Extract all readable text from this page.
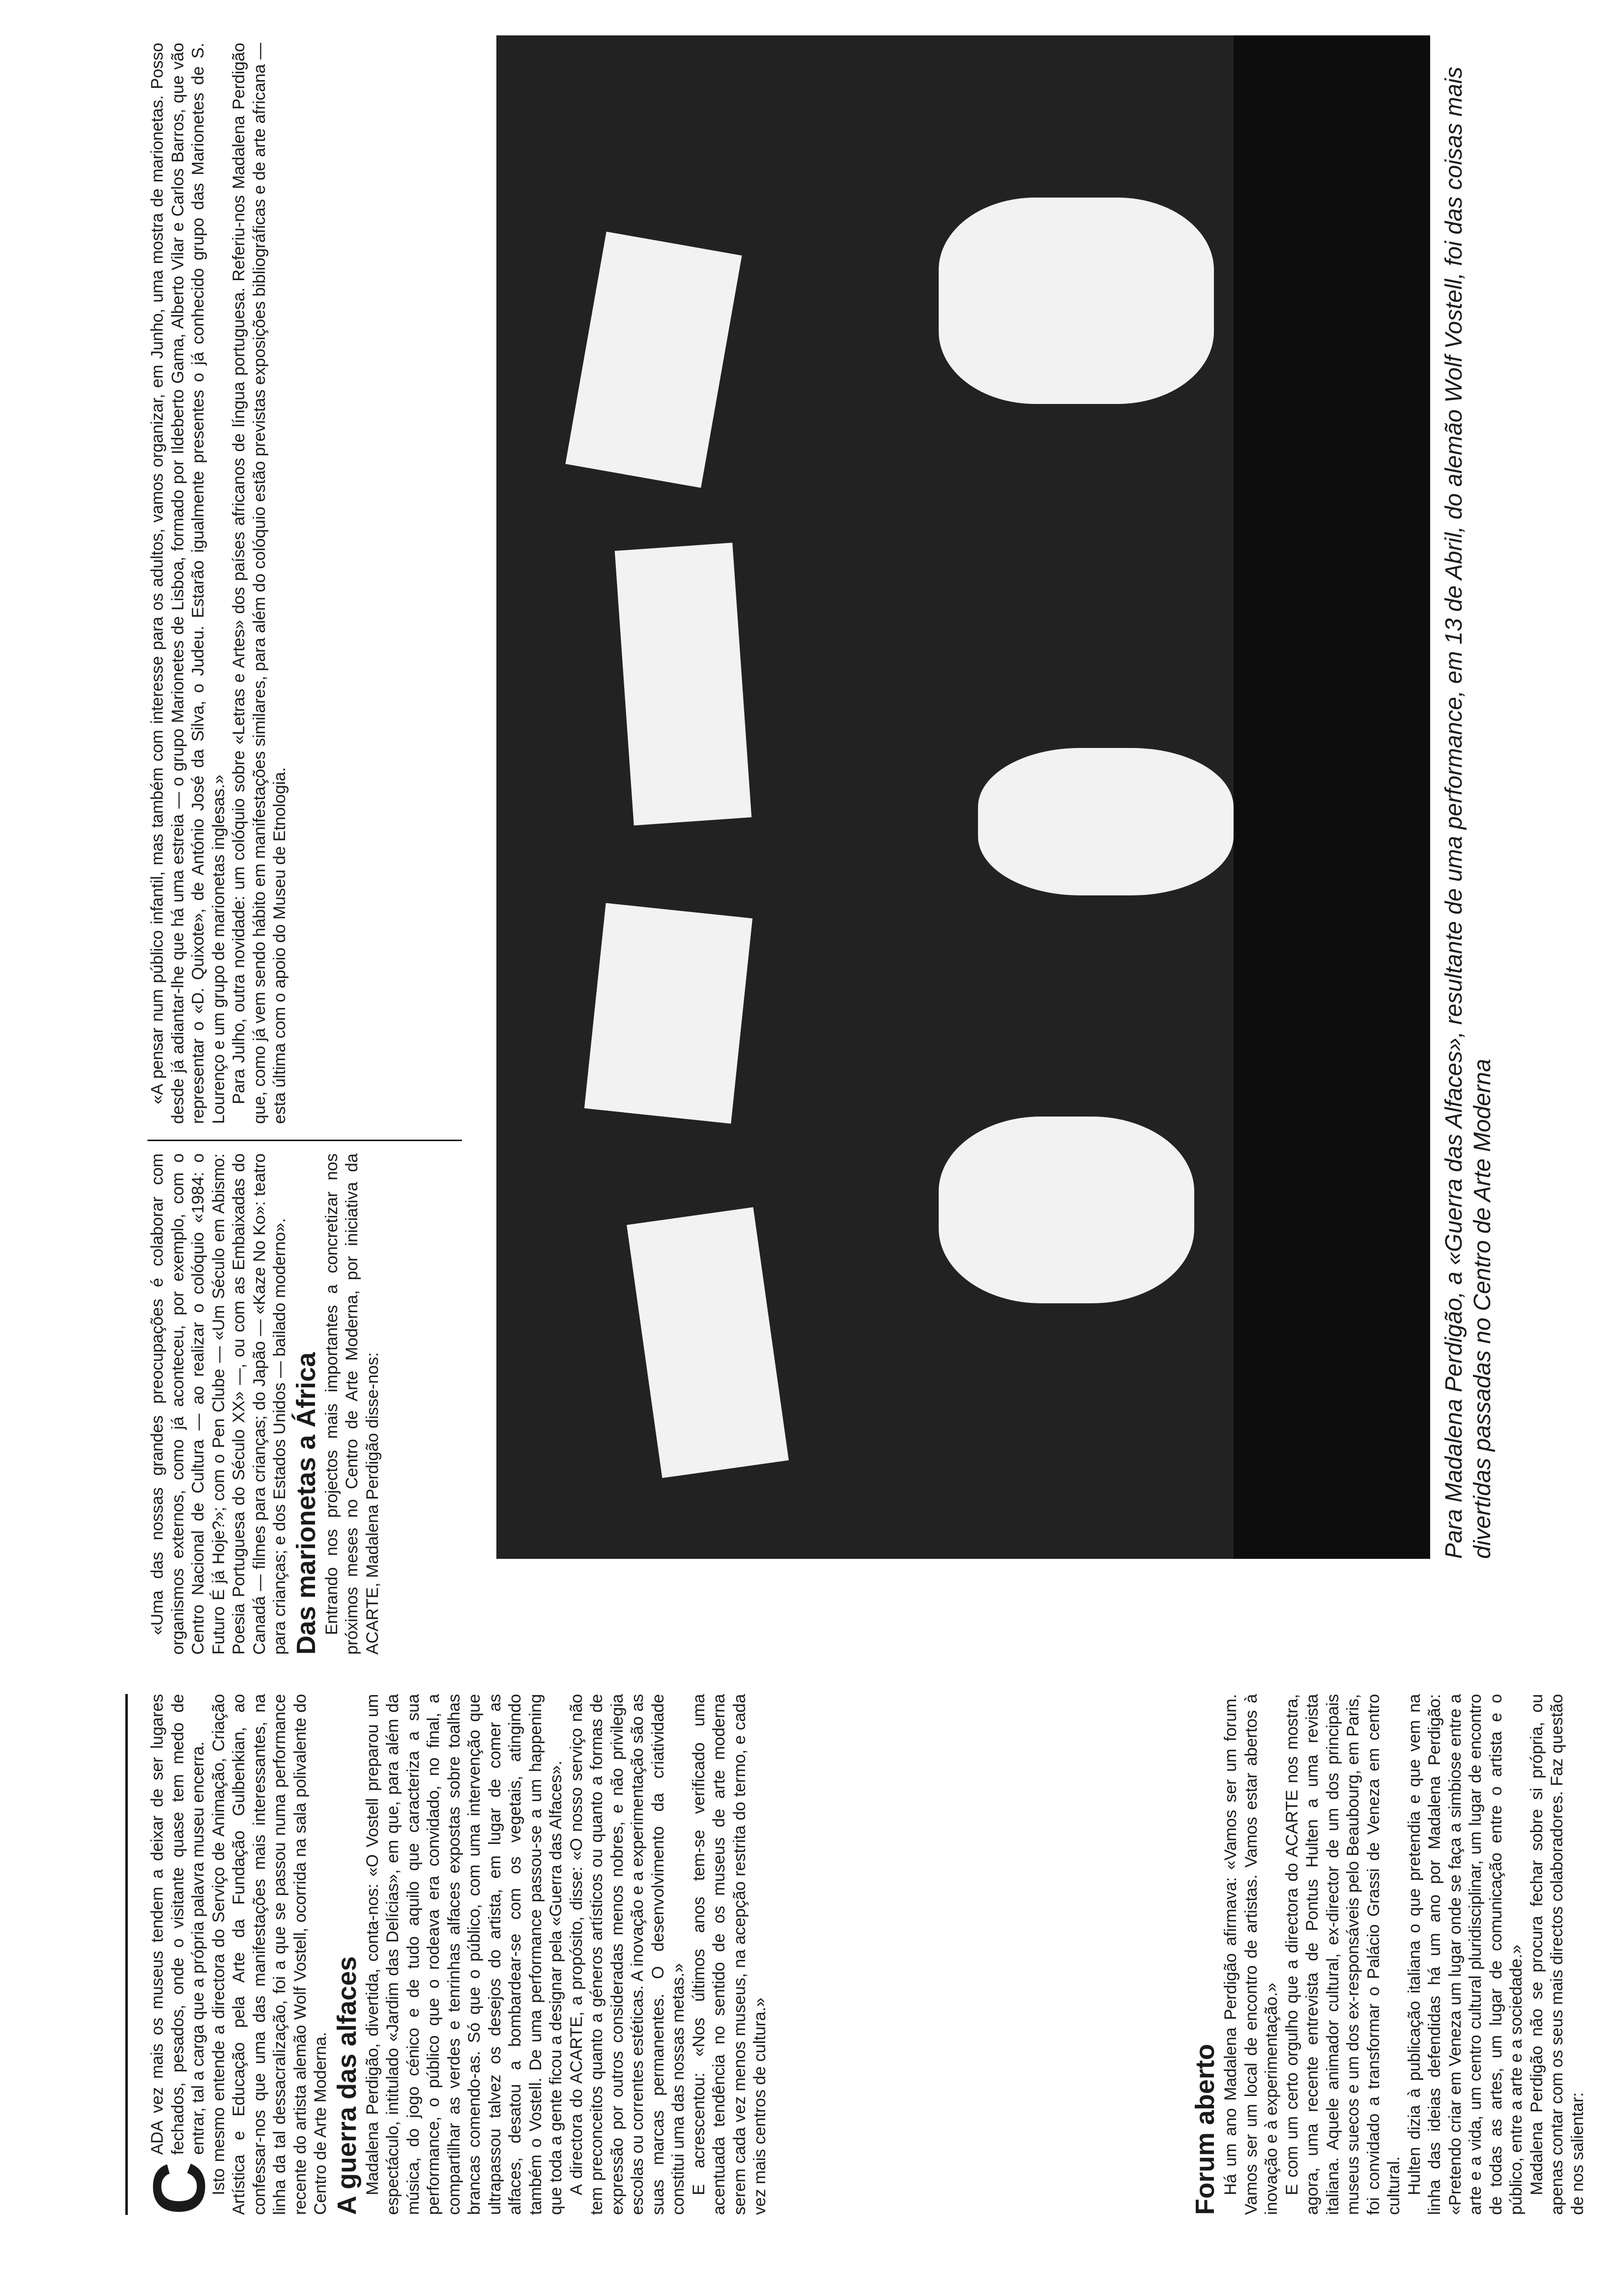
C

ADA vez mais os museus tendem a deixar de ser lugares fechados, pesados, onde o visitante quase tem medo de entrar, tal a carga que a própria palavra museu encerra. Isto mesmo entende a directora do Serviço de Animação, Criação Artística e Educação pela Arte da Fundação Gulbenkian, ao confessar-nos que uma das manifestações mais interessantes, na linha da tal dessacralização, foi a que se passou numa performance recente do artista alemão Wolf Vostell, ocorrida na sala polivalente do Centro de Arte Moderna. A guerra das alfaces Madalena Perdigão, divertida, conta-nos: «O Vostell preparou um espectáculo, intitulado «Jardim das Delícias», em que, para além da música, do jogo cénico e de tudo aquilo que caracteriza a sua performance, o público que o rodeava era convidado, no final, a compartilhar as verdes e tenrinhas alfaces expostas sobre toalhas brancas comendo-as. Só que o público, com uma intervenção que ultrapassou talvez os desejos do artista, em lugar de comer as alfaces, desatou a bombardear-se com os vegetais, atingindo também o Vostell. De uma performance passou-se a um happening que toda a gente ficou a designar pela «Guerra das Alfaces». A directora do ACARTE, a propósito, disse: «O nosso serviço não tem preconceitos quanto a géneros artísticos ou quanto a formas de expressão por outros consideradas menos nobres, e não privilegia escolas ou correntes estéticas. A inovação e a experimentação são as suas marcas permanentes. O desenvolvimento da criatividade constitui uma das nossas metas.» E acrescentou: «Nos últimos anos tem-se verificado uma acentuada tendência no sentido de os museus de arte moderna serem cada vez menos museus, na acepção restrita do termo, e cada vez mais centros de cultura.»	Forum aberto Há um ano Madalena Perdigão afirmava: «Vamos ser um forum. Vamos ser um local de encontro de artistas. Vamos estar abertos à inovação e à experimentação.» E com um certo orgulho que a directora do ACARTE nos mostra, agora, uma recente entrevista de Pontus Hulten a uma revista italiana. Aquele animador cultural, ex-director de um dos principais museus suecos e um dos ex-responsáveis pelo Beaubourg, em Paris, foi convidado a transformar o Palácio Grassi de Veneza em centro cultural. Hulten dizia à publicação italiana o que pretendia e que vem na linha das ideias defendidas há um ano por Madalena Perdigão: «Pretendo criar em Veneza um lugar onde se faça a simbiose entre a arte e a vida, um centro cultural pluridisciplinar, um lugar de encontro de todas as artes, um lugar de comunicação entre o artista e o público, entre a arte e a sociedade.» Madalena Perdigão não se procura fechar sobre si própria, ou apenas contar com os seus mais directos colaboradores. Faz questão de nos salientar:

«Uma das nossas grandes preocupações é colaborar com organismos externos, como já aconteceu, por exemplo, com o Centro Nacional de Cultura — ao realizar o colóquio «1984: o Futuro É já Hoje?»; com o Pen Clube — «Um Século em Abismo: Poesia Portuguesa do Século XX» —, ou com as Embaixadas do Canadá — filmes para crianças; do Japão — «Kaze No Ko»: teatro para crianças; e dos Estados Unidos — bailado moderno». Das marionetas a África Entrando nos projectos mais importantes a concretizar nos próximos meses no Centro de Arte Moderna, por iniciativa da ACARTE, Madalena Perdigão disse-nos:

«A pensar num público infantil, mas também com interesse para os adultos, vamos organizar, em Junho, uma mostra de marionetas. Posso desde já adiantar-lhe que há uma estreia — o grupo Marionetes de Lisboa, formado por Ildeberto Gama, Alberto Vilar e Carlos Barros, que vão representar o «D. Quixote», de António José da Silva, o Judeu. Estarão igualmente presentes o já conhecido grupo das Marionetes de S. Lourenço e um grupo de marionetas inglesas.» Para Julho, outra novidade: um colóquio sobre «Letras e Artes» dos países africanos de língua portuguesa. Referiu-nos Madalena Perdigão que, como já vem sendo hábito em manifestações similares, para além do colóquio estão previstas exposições bibliográficas e de arte africana — esta última com o apoio do Museu de Etnologia.	Para Madalena Perdigão, a «Guerra das Alfaces», resultante de uma performance, em 13 de Abril, do alemão Wolf Vostell, foi das coisas mais divertidas passadas no Centro de Arte Moderna
